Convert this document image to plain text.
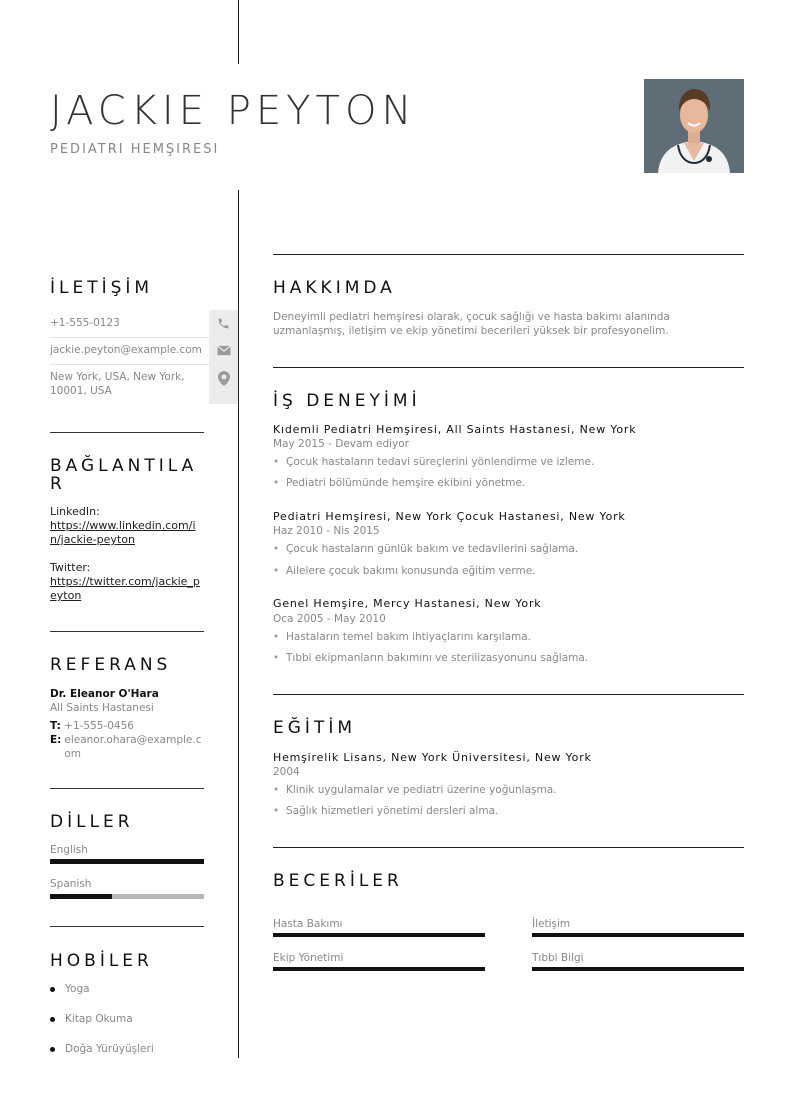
JACKIE PEYTON
PEDIATRI HEMŞIRESI
İLETİŞİM
+1-555-0123
jackie.peyton@example.com
New York, USA, New York, 10001, USA
BAĞLANTILAR
LinkedIn:
https://www.linkedin.com/in/jackie-peyton
Twitter:
https://twitter.com/jackie_peyton
REFERANS
Dr. Eleanor O'Hara
All Saints Hastanesi
T: +1-555-0456
E: eleanor.ohara@example.com
DİLLER
English
Spanish
HOBİLER
Yoga
Kitap Okuma
Doğa Yürüyüşleri
HAKKIMDA
Deneyimli pediatri hemşiresi olarak, çocuk sağlığı ve hasta bakımı alanında uzmanlaşmış, iletişim ve ekip yönetimi becerileri yüksek bir profesyonelim.
İŞ DENEYİMİ
Kıdemli Pediatri Hemşiresi, All Saints Hastanesi, New York
May 2015 - Devam ediyor
• Çocuk hastaların tedavi süreçlerini yönlendirme ve izleme.
• Pediatri bölümünde hemşire ekibini yönetme.
Pediatri Hemşiresi, New York Çocuk Hastanesi, New York
Haz 2010 - Nis 2015
• Çocuk hastaların günlük bakım ve tedavilerini sağlama.
• Ailelere çocuk bakımı konusunda eğitim verme.
Genel Hemşire, Mercy Hastanesi, New York
Oca 2005 - May 2010
• Hastaların temel bakım ihtiyaçlarını karşılama.
• Tıbbi ekipmanların bakımını ve sterilizasyonunu sağlama.
EĞİTİM
Hemşirelik Lisans, New York Üniversitesi, New York
2004
• Klinik uygulamalar ve pediatri üzerine yoğunlaşma.
• Sağlık hizmetleri yönetimi dersleri alma.
BECERİLER
Hasta Bakımı	İletişim
Ekip Yönetimi	Tıbbi Bilgi
